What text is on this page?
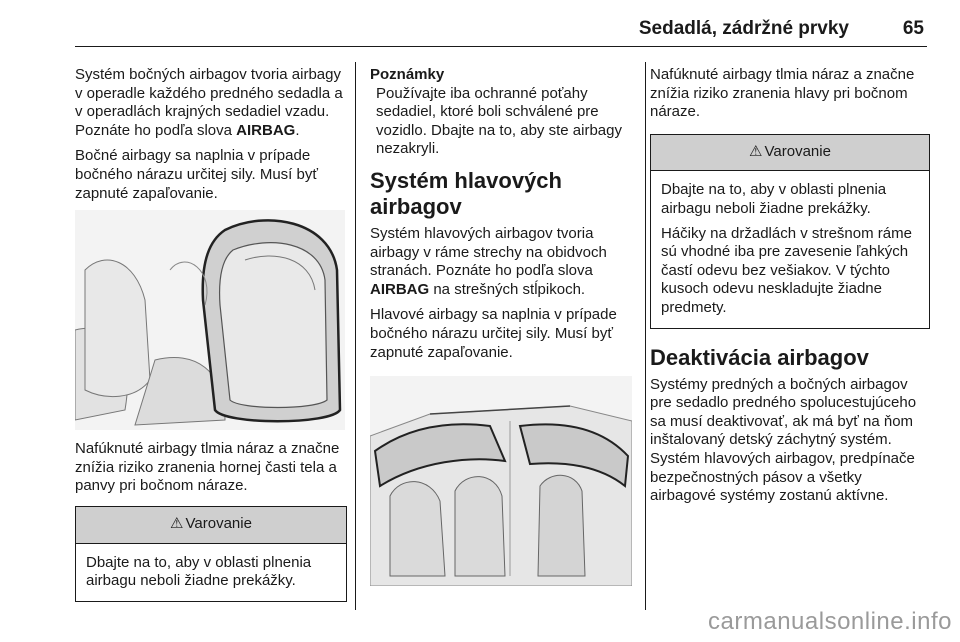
Sedadlá, zádržné prvky	65

Systém bočných airbagov tvoria airbagy v operadle každého predného sedadla a v operadlách krajných sedadiel vzadu. Poznáte ho podľa slova AIRBAG.

Bočné airbagy sa naplnia v prípade bočného nárazu určitej sily. Musí byť zapnuté zapaľovanie.

Nafúknuté airbagy tlmia náraz a značne znížia riziko zranenia hornej časti tela a panvy pri bočnom náraze.

⚠ Varovanie

Dbajte na to, aby v oblasti plnenia airbagu neboli žiadne prekážky.

Poznámky
Používajte iba ochranné poťahy sedadiel, ktoré boli schválené pre vozidlo. Dbajte na to, aby ste airbagy nezakryli.

Systém hlavových airbagov

Systém hlavových airbagov tvoria airbagy v ráme strechy na obidvoch stranách. Poznáte ho podľa slova AIRBAG na strešných stĺpikoch.

Hlavové airbagy sa naplnia v prípade bočného nárazu určitej sily. Musí byť zapnuté zapaľovanie.

Nafúknuté airbagy tlmia náraz a značne znížia riziko zranenia hlavy pri bočnom náraze.

⚠ Varovanie

Dbajte na to, aby v oblasti plnenia airbagu neboli žiadne prekážky.

Háčiky na držadlách v strešnom ráme sú vhodné iba pre zavesenie ľahkých častí odevu bez vešiakov. V týchto kusoch odevu neskladujte žiadne predmety.

Deaktivácia airbagov

Systémy predných a bočných airbagov pre sedadlo predného spolucestujúceho sa musí deaktivovať, ak má byť na ňom inštalovaný detský záchytný systém. Systém hlavových airbagov, predpínače bezpečnostných pásov a všetky airbagové systémy zostanú aktívne.

carmanualsonline.info
